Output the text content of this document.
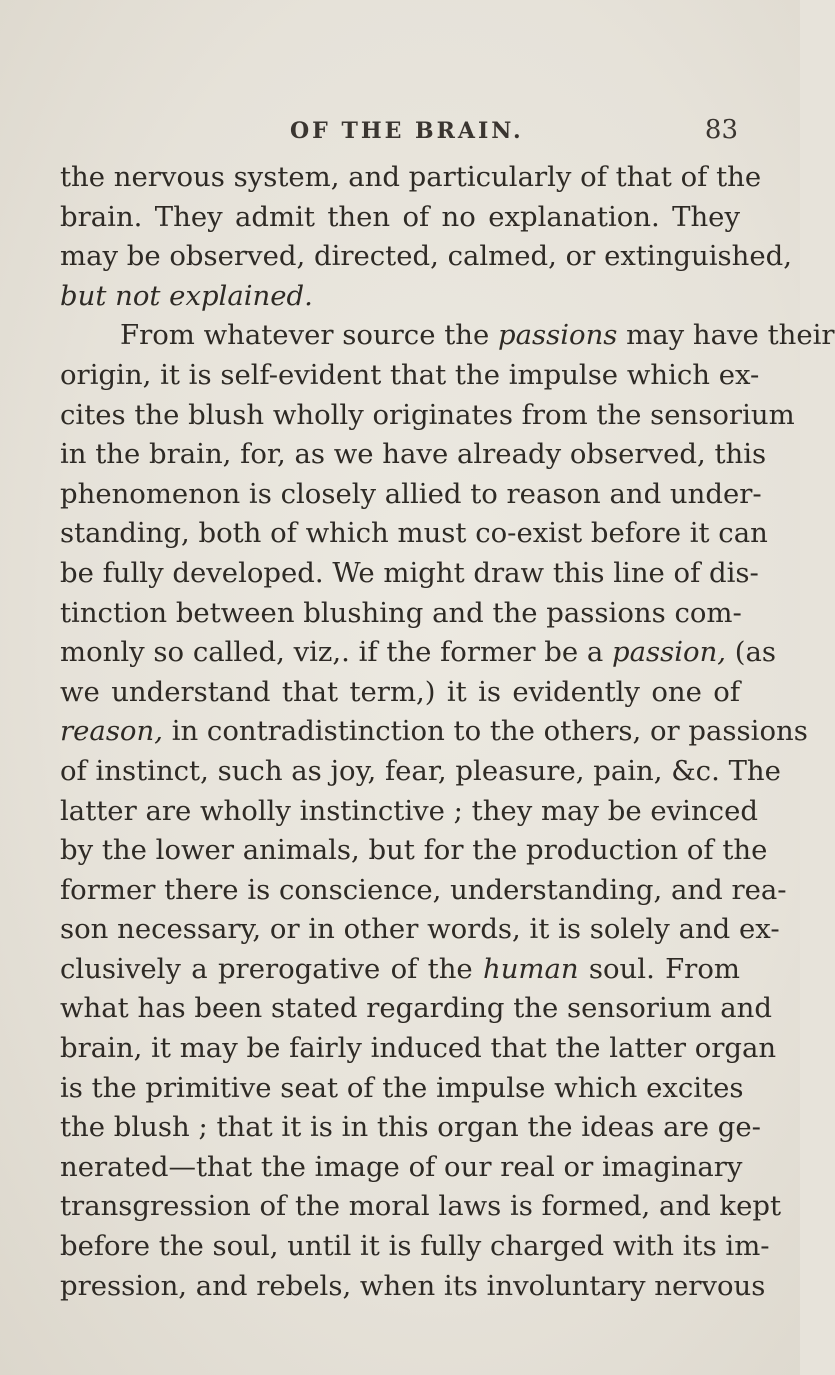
OF THE BRAIN.	83
the nervous system, and particularly of that of the
brain. They admit then of no explanation. They
may be observed, directed, calmed, or extinguished,
but not explained.
From whatever source the passions may have their
origin, it is self-evident that the impulse which ex-
cites the blush wholly originates from the sensorium
in the brain, for, as we have already observed, this
phenomenon is closely allied to reason and under-
standing, both of which must co-exist before it can
be fully developed. We might draw this line of dis-
tinction between blushing and the passions com-
monly so called, viz,. if the former be a passion, (as
we understand that term,) it is evidently one of
reason, in contradistinction to the others, or passions
of instinct, such as joy, fear, pleasure, pain, &c. The
latter are wholly instinctive ; they may be evinced
by the lower animals, but for the production of the
former there is conscience, understanding, and rea-
son necessary, or in other words, it is solely and ex-
clusively a prerogative of the human soul. From
what has been stated regarding the sensorium and
brain, it may be fairly induced that the latter organ
is the primitive seat of the impulse which excites
the blush ; that it is in this organ the ideas are ge-
nerated—that the image of our real or imaginary
transgression of the moral laws is formed, and kept
before the soul, until it is fully charged with its im-
pression, and rebels, when its involuntary nervous
